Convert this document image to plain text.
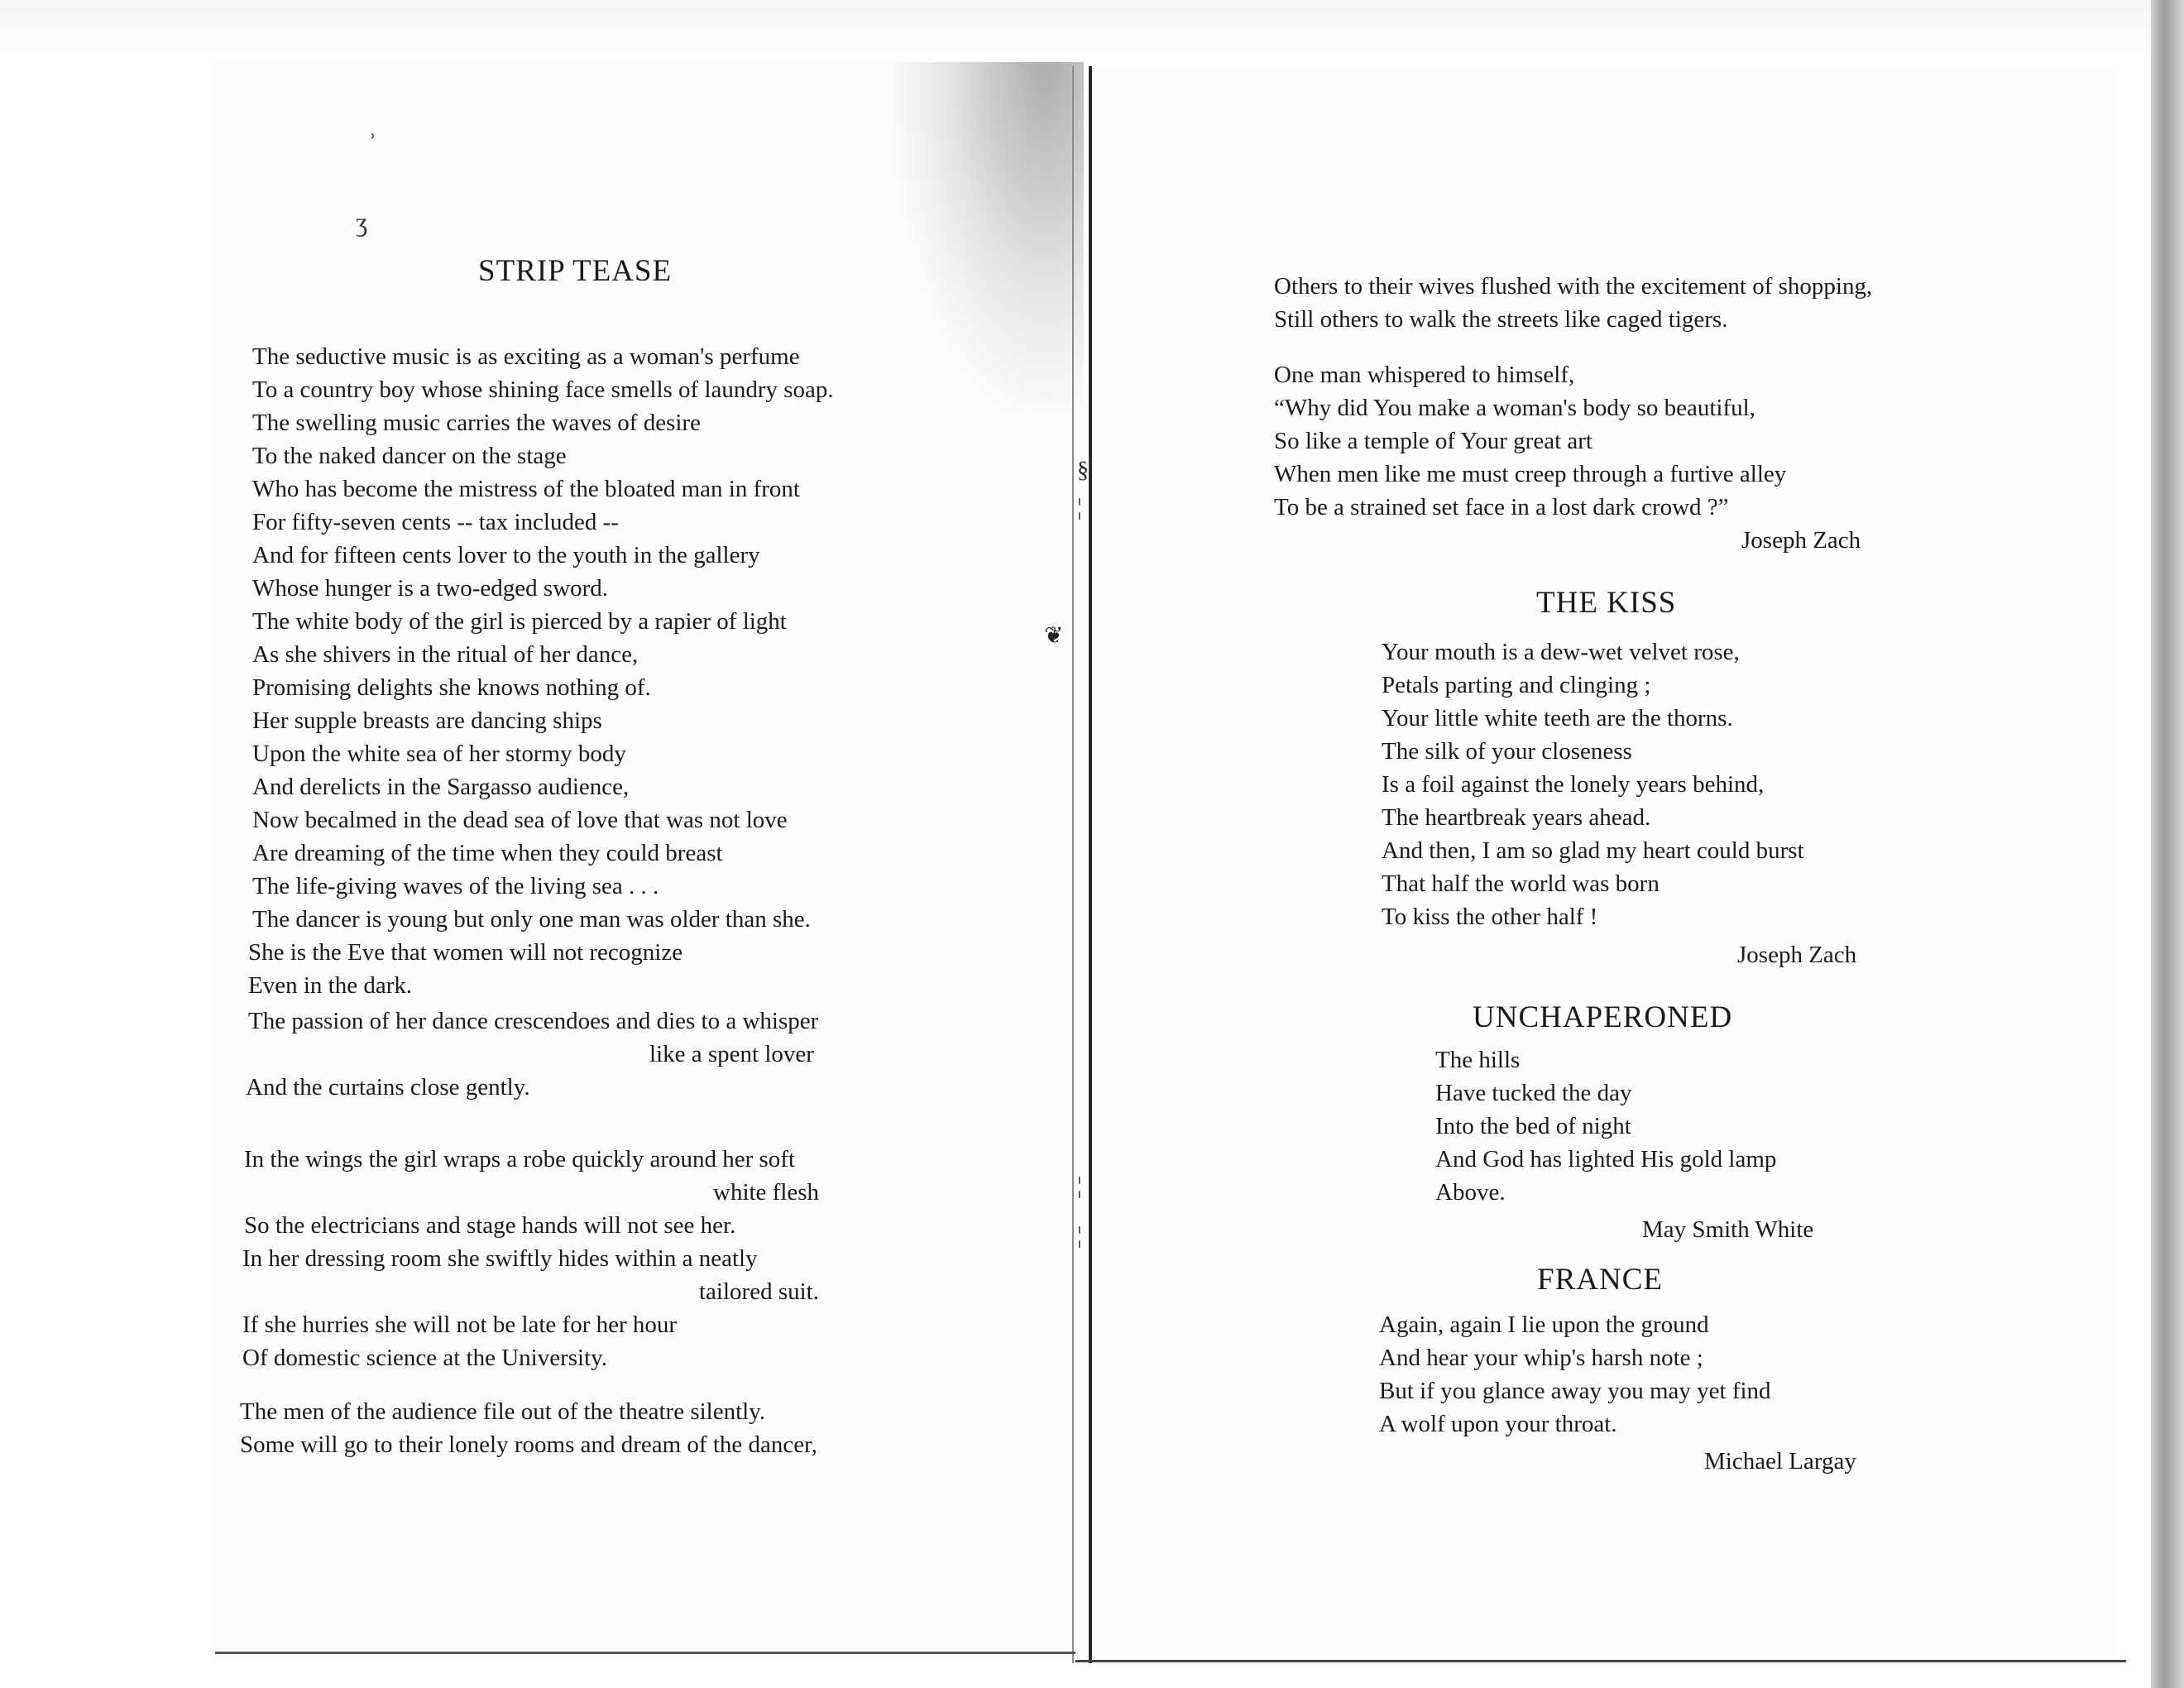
§
¦
❦
¦
¦
ʾ
ʒ
STRIP TEASE
The seductive music is as exciting as a woman's perfume
To a country boy whose shining face smells of laundry soap.
The swelling music carries the waves of desire
To the naked dancer on the stage
Who has become the mistress of the bloated man in front
For fifty-seven cents -- tax included --
And for fifteen cents lover to the youth in the gallery
Whose hunger is a two-edged sword.
The white body of the girl is pierced by a rapier of light
As she shivers in the ritual of her dance,
Promising delights she knows nothing of.
Her supple breasts are dancing ships
Upon the white sea of her stormy body
And derelicts in the Sargasso audience,
Now becalmed in the dead sea of love that was not love
Are dreaming of the time when they could breast
The life-giving waves of the living sea . . .
The dancer is young but only one man was older than she.
She is the Eve that women will not recognize
Even in the dark.
The passion of her dance crescendoes and dies to a whisper
like a spent lover
And the curtains close gently.
In the wings the girl wraps a robe quickly around her soft
white flesh
So the electricians and stage hands will not see her.
In her dressing room she swiftly hides within a neatly
tailored suit.
If she hurries she will not be late for her hour
Of domestic science at the University.
The men of the audience file out of the theatre silently.
Some will go to their lonely rooms and dream of the dancer,
Others to their wives flushed with the excitement of shopping,
Still others to walk the streets like caged tigers.
One man whispered to himself,
“Why did You make a woman's body so beautiful,
So like a temple of Your great art
When men like me must creep through a furtive alley
To be a strained set face in a lost dark crowd ?”
Joseph Zach
THE KISS
Your mouth is a dew-wet velvet rose,
Petals parting and clinging ;
Your little white teeth are the thorns.
The silk of your closeness
Is a foil against the lonely years behind,
The heartbreak years ahead.
And then, I am so glad my heart could burst
That half the world was born
To kiss the other half !
Joseph Zach
UNCHAPERONED
The hills
Have tucked the day
Into the bed of night
And God has lighted His gold lamp
Above.
May Smith White
FRANCE
Again, again I lie upon the ground
And hear your whip's harsh note ;
But if you glance away you may yet find
A wolf upon your throat.
Michael Largay
